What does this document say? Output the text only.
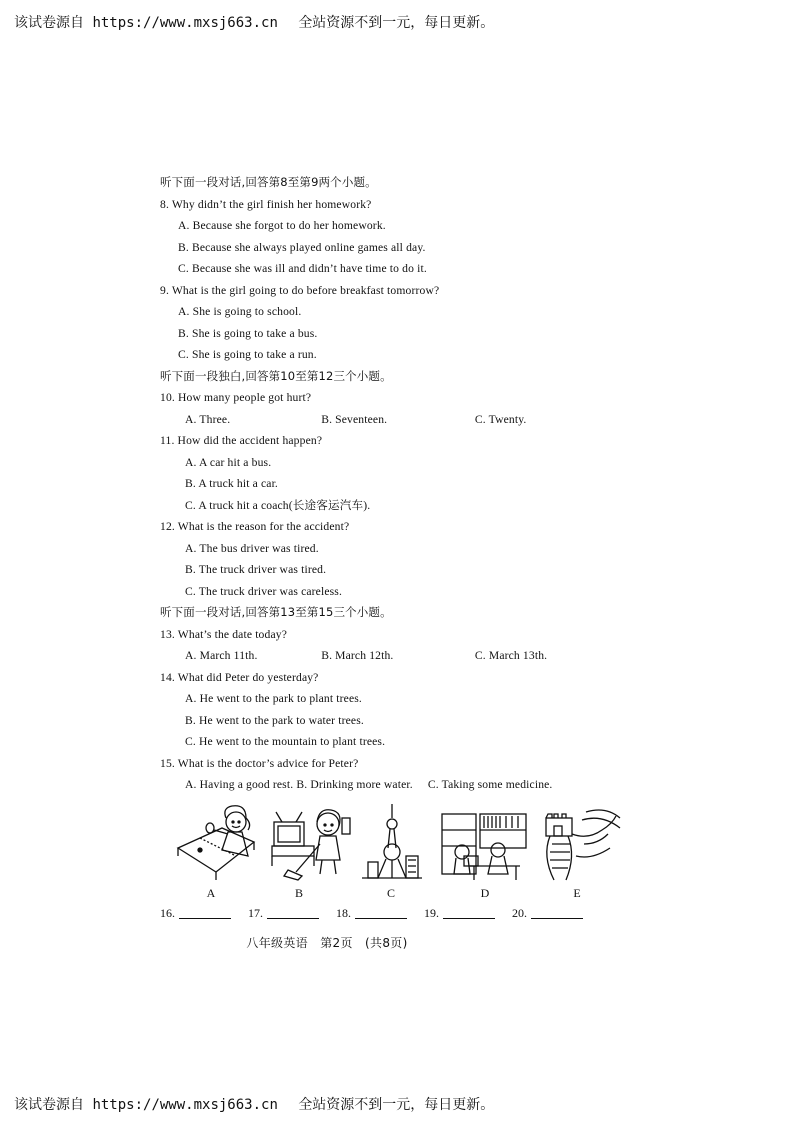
该试卷源自 https://www.mxsj663.cn 全站资源不到一元，每日更新。
听下面一段对话,回答第8至第9两个小题。
8. Why didn’t the girl finish her homework?
A. Because she forgot to do her homework.
B. Because she always played online games all day.
C. Because she was ill and didn’t have time to do it.
9. What is the girl going to do before breakfast tomorrow?
A. She is going to school.
B. She is going to take a bus.
C. She is going to take a run.
听下面一段独白,回答第10至第12三个小题。
10. How many people got hurt?
A. Three.	B. Seventeen.	C. Twenty.
11. How did the accident happen?
A. A car hit a bus.
B. A truck hit a car.
C. A truck hit a coach(长途客运汽车).
12. What is the reason for the accident?
A. The bus driver was tired.
B. The truck driver was tired.
C. The truck driver was careless.
听下面一段对话,回答第13至第15三个小题。
13. What’s the date today?
A. March 11th.	B. March 12th.	C. March 13th.
14. What did Peter do yesterday?
A. He went to the park to plant trees.
B. He went to the park to water trees.
C. He went to the mountain to plant trees.
15. What is the doctor’s advice for Peter?
A. Having a good rest. B. Drinking more water. C. Taking some medicine.
A	B	C	D	E
16.	17.	18.	19.	20.
八年级英语　第2页　(共8页)
该试卷源自 https://www.mxsj663.cn 全站资源不到一元，每日更新。
